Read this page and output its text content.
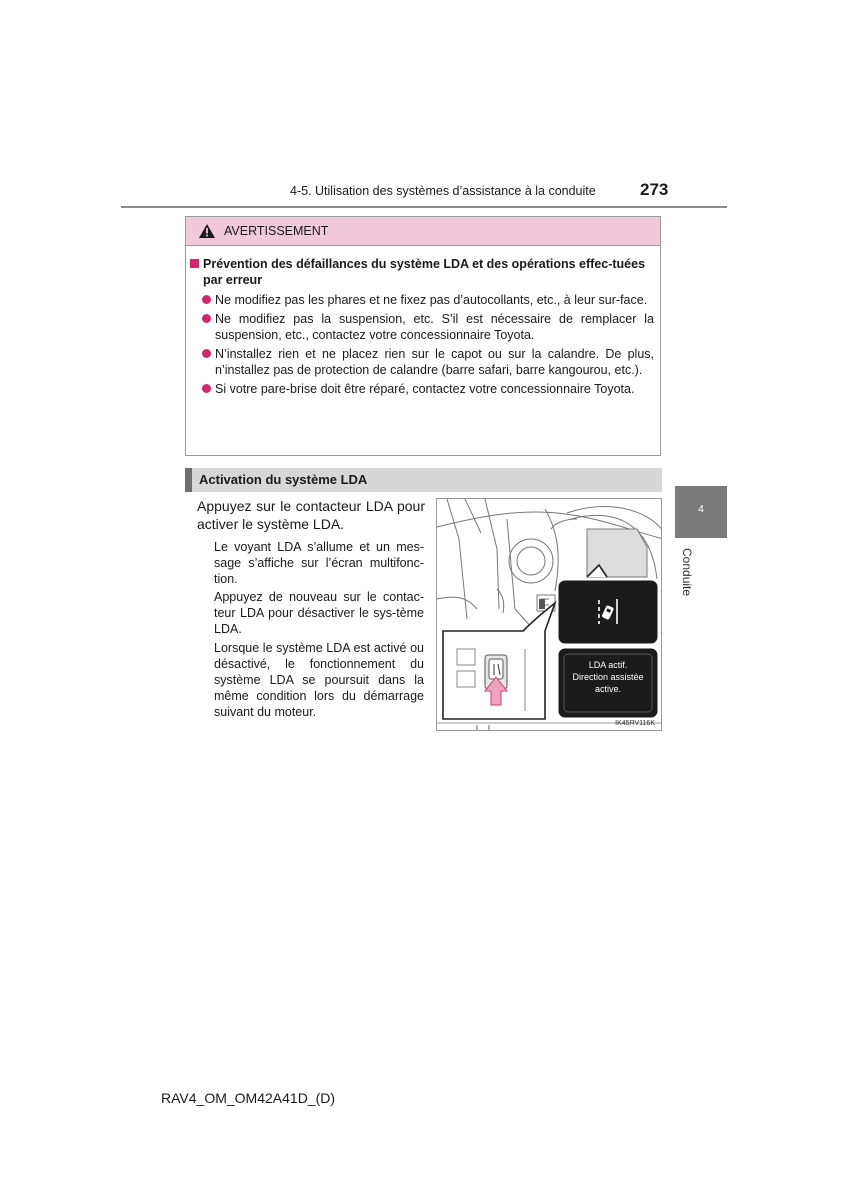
4-5. Utilisation des systèmes d’assistance à la conduite	273
AVERTISSEMENT
Prévention des défaillances du système LDA et des opérations effec-tuées par erreur
Ne modifiez pas les phares et ne fixez pas d’autocollants, etc., à leur sur-face.
Ne modifiez pas la suspension, etc. S’il est nécessaire de remplacer la suspension, etc., contactez votre concessionnaire Toyota.
N’installez rien et ne placez rien sur le capot ou sur la calandre. De plus, n’installez pas de protection de calandre (barre safari, barre kangourou, etc.).
Si votre pare-brise doit être réparé, contactez votre concessionnaire Toyota.
Activation du système LDA
Appuyez sur le contacteur LDA pour activer le système LDA.
Le voyant LDA s’allume et un mes-sage s’affiche sur l’écran multifonc-tion.
Appuyez de nouveau sur le contac-teur LDA pour désactiver le sys-tème LDA.
Lorsque le système LDA est activé ou désactivé, le fonctionnement du système LDA se poursuit dans la même condition lors du démarrage suivant du moteur.
LDA actif.
Direction assistée
active.
IK45RV116K
4
Conduite
RAV4_OM_OM42A41D_(D)
